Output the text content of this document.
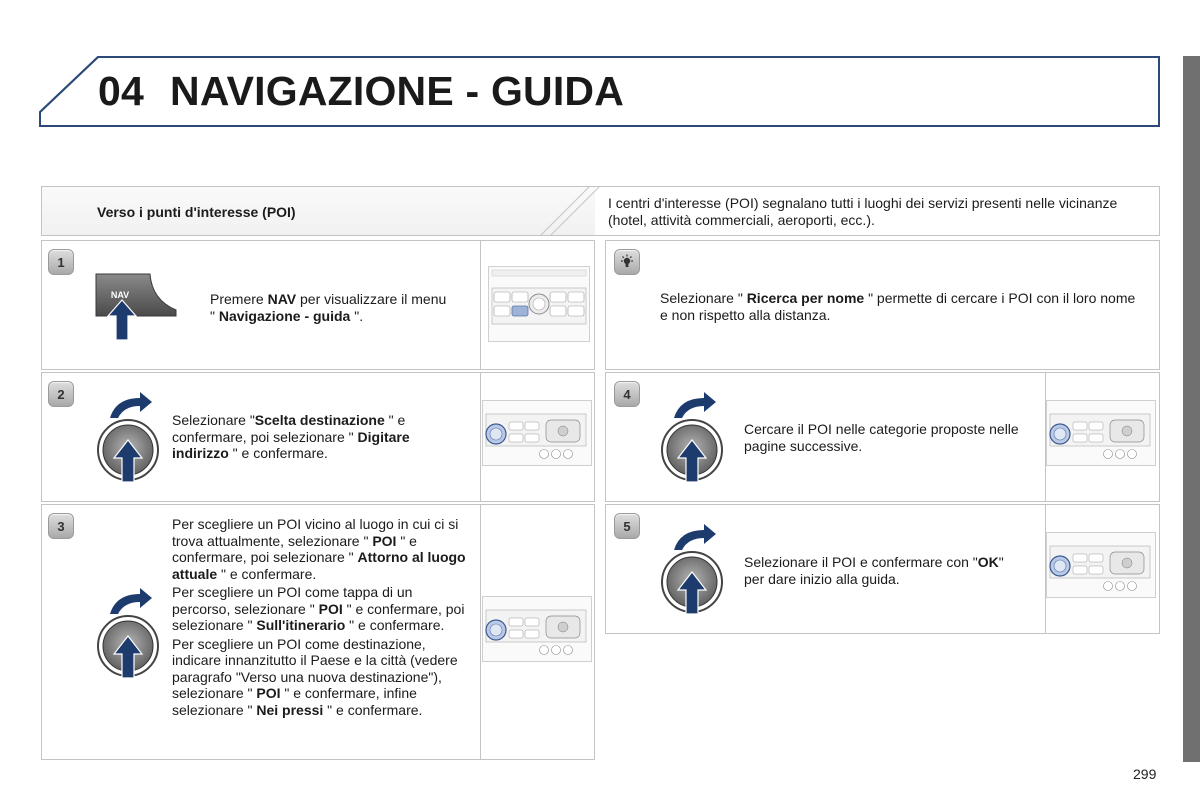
04 NAVIGAZIONE - GUIDA
Verso i punti d'interesse (POI)
I centri d'interesse (POI) segnalano tutti i luoghi dei servizi presenti nelle vicinanze (hotel, attività commerciali, aeroporti, ecc.).
1
2
3
4
5
NAV	Premere NAV per visualizzare il menu " Navigazione - guida ".

Selezionare "Scelta destinazione " e confermare, poi selezionare " Digitare indirizzo " e confermare.

Per scegliere un POI vicino al luogo in cui ci si trova attualmente, selezionare " POI " e confermare, poi selezionare " Attorno al luogo attuale " e confermare.

Per scegliere un POI come tappa di un percorso, selezionare " POI " e confermare, poi selezionare " Sull'itinerario " e confermare.

Per scegliere un POI come destinazione, indicare innanzitutto il Paese e la città (vedere paragrafo "Verso una nuova destinazione"), selezionare " POI " e confermare, infine selezionare " Nei pressi " e confermare.

Selezionare " Ricerca per nome " permette di cercare i POI con il loro nome e non rispetto alla distanza.

Cercare il POI nelle categorie proposte nelle pagine successive.

Selezionare il POI e confermare con "OK" per dare inizio alla guida.

299
